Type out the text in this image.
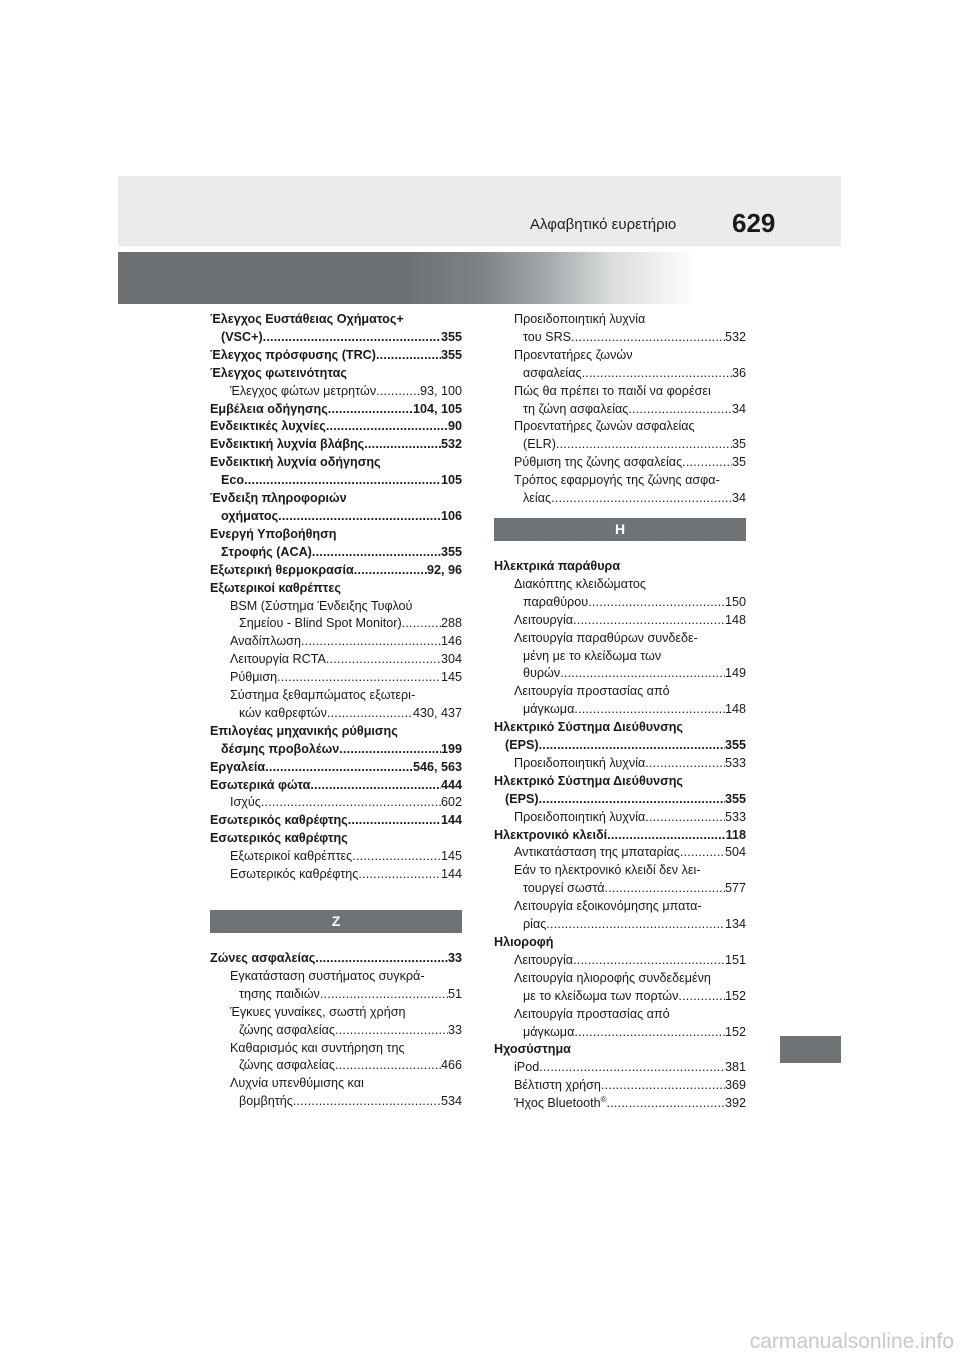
Αλφαβητικό ευρετήριο 629
Έλεγχος Ευστάθειας Οχήματος+
(VSC+) .....	355
Έλεγχος πρόσφυσης (TRC) .....	355
Έλεγχος φωτεινότητας
Έλεγχος φώτων μετρητών .....	93, 100
Εμβέλεια οδήγησης .....	104, 105
Ενδεικτικές λυχνίες .....	90
Ενδεικτική λυχνία βλάβης .....	532
Ενδεικτική λυχνία οδήγησης
Eco .....	105
Ένδειξη πληροφοριών
οχήματος .....	106
Ενεργή Υποβοήθηση
Στροφής (ACA) .....	355
Εξωτερική θερμοκρασία .....	92, 96
Εξωτερικοί καθρέπτες
BSM (Σύστημα Ένδειξης Τυφλού
Σημείου - Blind Spot Monitor) .....	288
Αναδίπλωση .....	146
Λειτουργία RCTA .....	304
Ρύθμιση .....	145
Σύστημα ξεθαμπώματος εξωτερι-
κών καθρεφτών .....	430, 437
Επιλογέας μηχανικής ρύθμισης
δέσμης προβολέων .....	199
Εργαλεία .....	546, 563
Εσωτερικά φώτα .....	444
Ισχύς .....	602
Εσωτερικός καθρέφτης .....	144
Εσωτερικός καθρέφτης
Εξωτερικοί καθρέπτες .....	145
Εσωτερικός καθρέφτης .....	144
Ζ
Ζώνες ασφαλείας .....	33
Εγκατάσταση συστήματος συγκρά-
τησης παιδιών .....	51
Έγκυες γυναίκες, σωστή χρήση
ζώνης ασφαλείας .....	33
Καθαρισμός και συντήρηση της
ζώνης ασφαλείας .....	466
Λυχνία υπενθύμισης και
βομβητής .....	534
Προειδοποιητική λυχνία
του SRS .....	532
Προεντατήρες ζωνών
ασφαλείας .....	36
Πώς θα πρέπει το παιδί να φορέσει
τη ζώνη ασφαλείας .....	34
Προεντατήρες ζωνών ασφαλείας
(ELR) .....	35
Ρύθμιση της ζώνης ασφαλείας .....	35
Τρόπος εφαρμογής της ζώνης ασφα-
λείας .....	34
Η
Ηλεκτρικά παράθυρα
Διακόπτης κλειδώματος
παραθύρου .....	150
Λειτουργία .....	148
Λειτουργία παραθύρων συνδεδε-
μένη με το κλείδωμα των
θυρών .....	149
Λειτουργία προστασίας από
μάγκωμα .....	148
Ηλεκτρικό Σύστημα Διεύθυνσης
(EPS) .....	355
Προειδοποιητική λυχνία .....	533
Ηλεκτρικό Σύστημα Διεύθυνσης
(EPS) .....	355
Προειδοποιητική λυχνία .....	533
Ηλεκτρονικό κλειδί .....	118
Αντικατάσταση της μπαταρίας .....	504
Εάν το ηλεκτρονικό κλειδί δεν λει-
τουργεί σωστά .....	577
Λειτουργία εξοικονόμησης μπατα-
ρίας .....	134
Ηλιοροφή
Λειτουργία .....	151
Λειτουργία ηλιοροφής συνδεδεμένη
με το κλείδωμα των πορτών .....	152
Λειτουργία προστασίας από
μάγκωμα .....	152
Ηχοσύστημα
iPod .....	381
Βέλτιστη χρήση .....	369
Ήχος Bluetooth® .....	392
carmanualsonline.info
